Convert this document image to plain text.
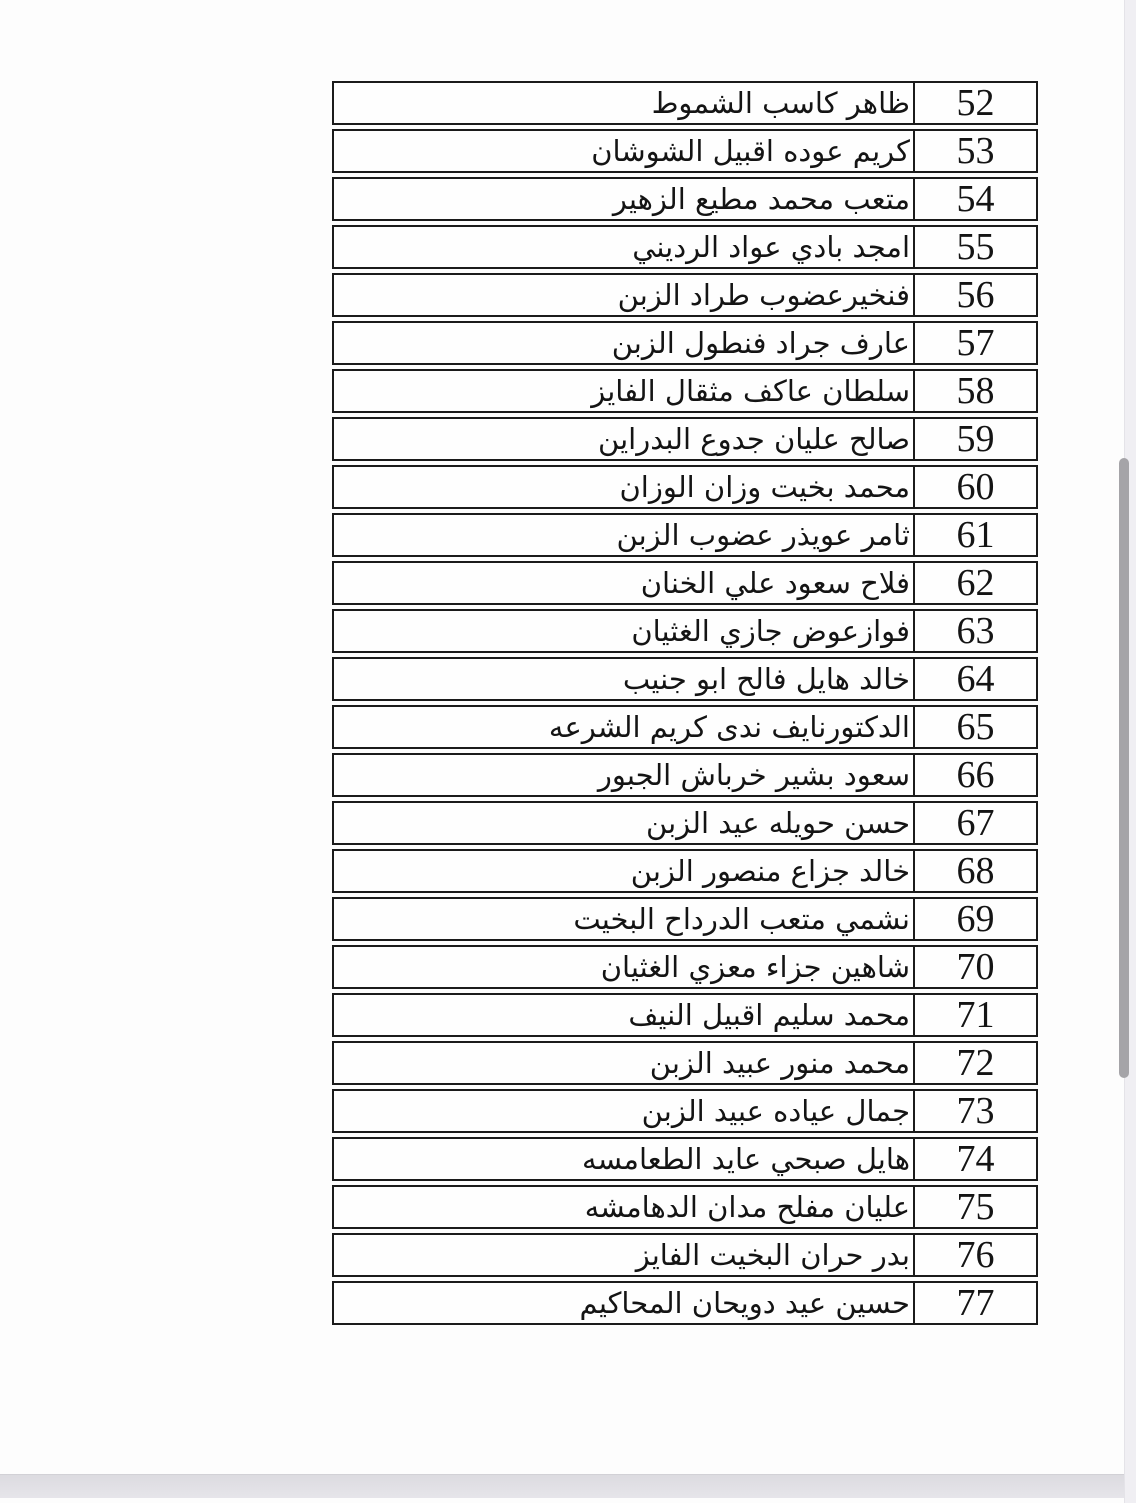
52
ظاهر كاسب الشموط
53
كريم عوده اقبيل الشوشان
54
متعب محمد مطيع الزهير
55
امجد بادي عواد الرديني
56
فنخيرعضوب طراد الزبن
57
عارف جراد فنطول الزبن
58
سلطان عاكف مثقال الفايز
59
صالح عليان جدوع البدراين
60
محمد بخيت وزان الوزان
61
ثامر عويذر عضوب الزبن
62
فلاح سعود علي الخنان
63
فوازعوض جازي الغثيان
64
خالد هايل فالح ابو جنيب
65
الدكتورنايف ندى كريم الشرعه
66
سعود بشير خرباش الجبور
67
حسن حويله عيد الزبن
68
خالد جزاع منصور الزبن
69
نشمي متعب الدرداح البخيت
70
شاهين جزاء معزي الغثيان
71
محمد سليم اقبيل النيف
72
محمد منور عبيد الزبن
73
جمال عياده عبيد الزبن
74
هايل صبحي عايد الطعامسه
75
عليان مفلح مدان الدهامشه
76
بدر حران البخيت الفايز
77
حسين عيد دويحان المحاكيم
